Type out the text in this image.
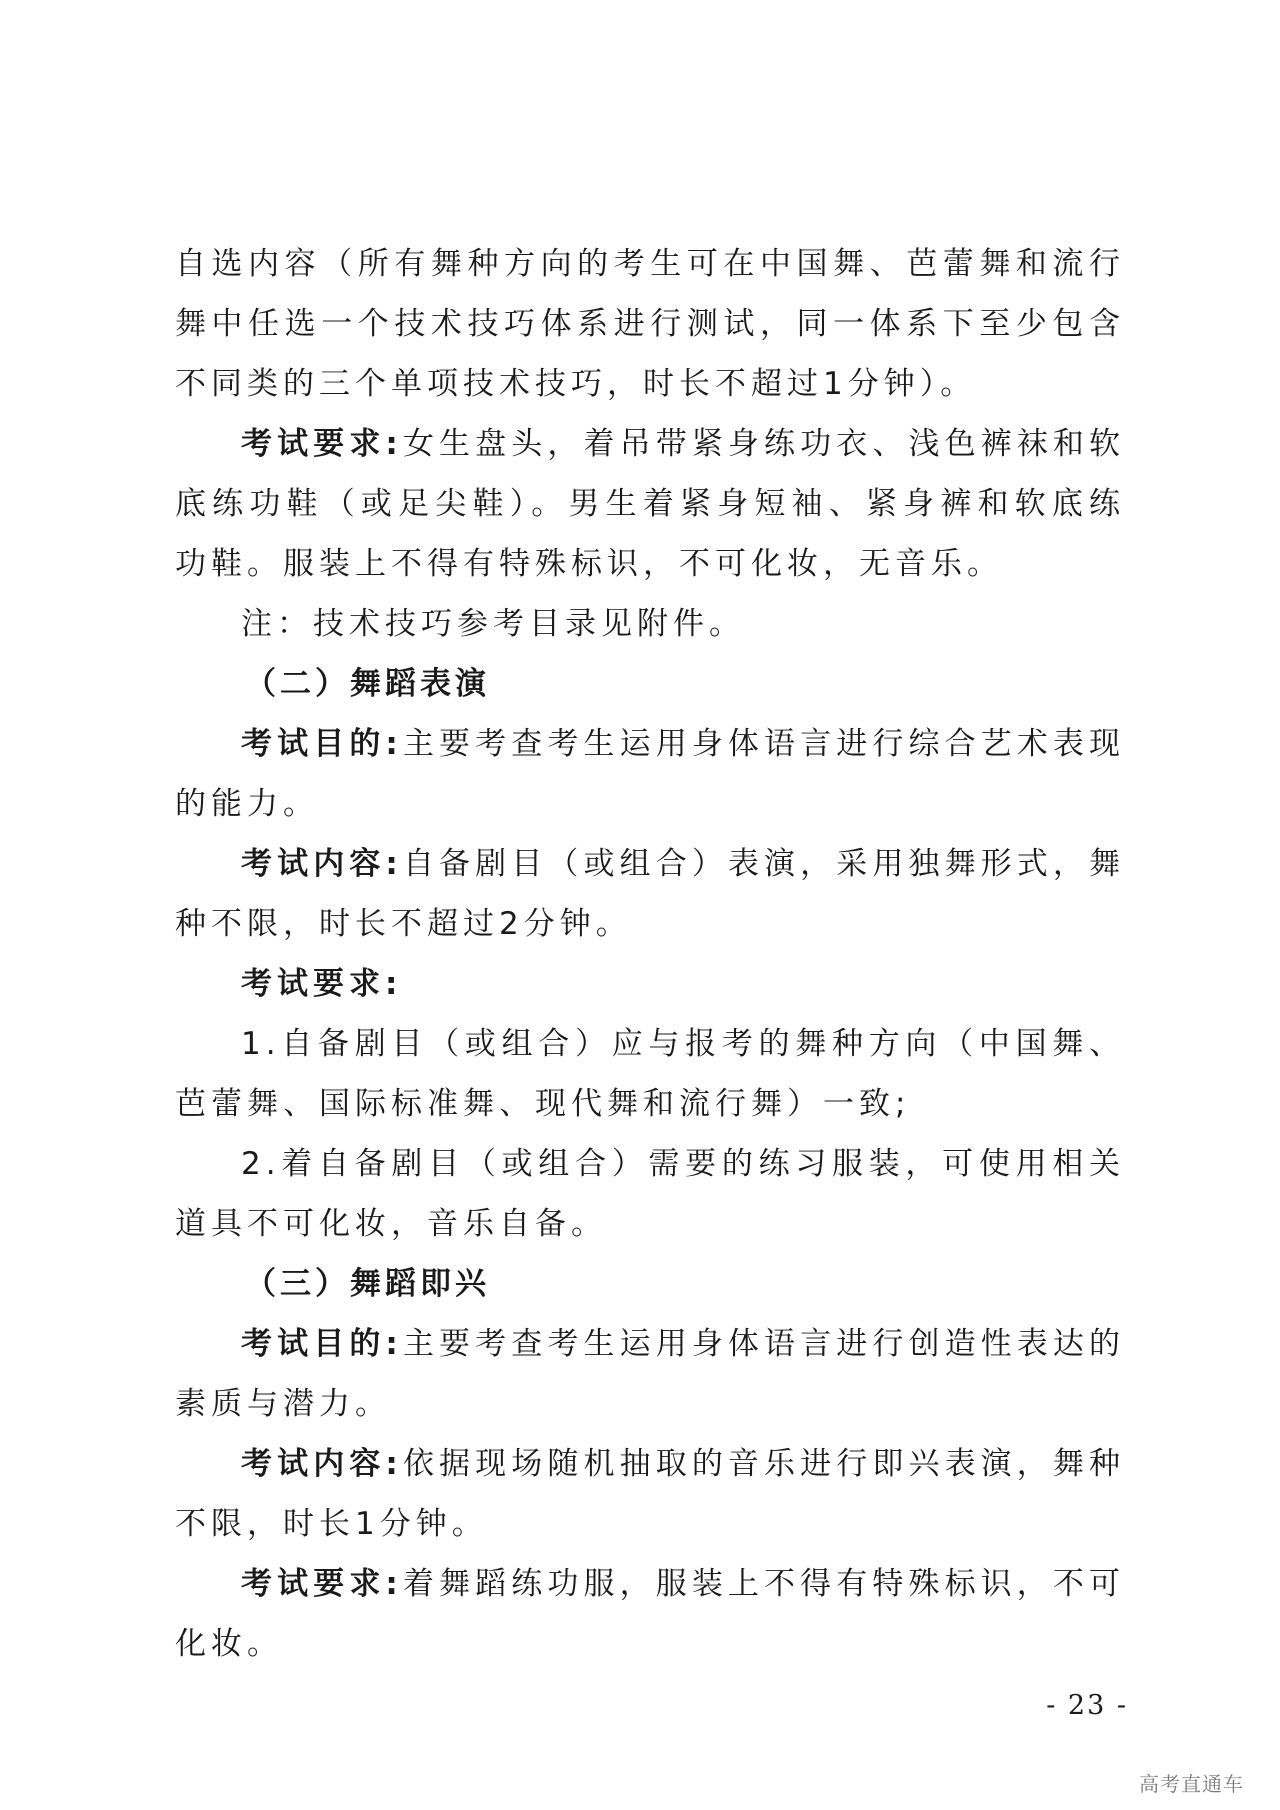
自选内容（所有舞种方向的考生可在中国舞、芭蕾舞和流行舞中任选一个技术技巧体系进行测试，同一体系下至少包含不同类的三个单项技术技巧，时长不超过1分钟）。

考试要求:女生盘头，着吊带紧身练功衣、浅色裤袜和软底练功鞋（或足尖鞋）。男生着紧身短袖、紧身裤和软底练功鞋。服装上不得有特殊标识，不可化妆，无音乐。

注：技术技巧参考目录见附件。

（二）舞蹈表演

考试目的:主要考查考生运用身体语言进行综合艺术表现的能力。

考试内容:自备剧目（或组合）表演，采用独舞形式，舞种不限，时长不超过2分钟。

考试要求:

1.自备剧目（或组合）应与报考的舞种方向（中国舞、芭蕾舞、国际标准舞、现代舞和流行舞）一致;

2.着自备剧目（或组合）需要的练习服装，可使用相关道具不可化妆，音乐自备。

（三）舞蹈即兴

考试目的:主要考查考生运用身体语言进行创造性表达的素质与潜力。

考试内容:依据现场随机抽取的音乐进行即兴表演，舞种不限，时长1分钟。

考试要求:着舞蹈练功服，服装上不得有特殊标识，不可化妆。

- 23 -
高考直通车
